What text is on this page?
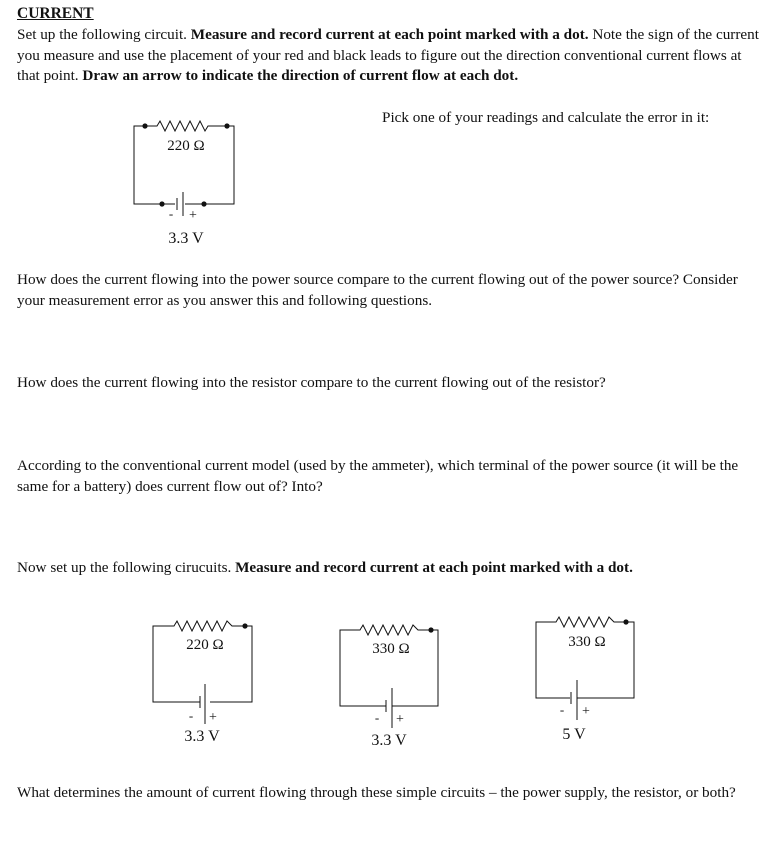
CURRENT
Set up the following circuit. Measure and record current at each point marked with a dot. Note the sign of the current you measure and use the placement of your red and black leads to figure out the direction conventional current flows at that point. Draw an arrow to indicate the direction of current flow at each dot.
Pick one of your readings and calculate the error in it:
220 Ω
- +
3.3 V
How does the current flowing into the power source compare to the current flowing out of the power source? Consider your measurement error as you answer this and following questions.
How does the current flowing into the resistor compare to the current flowing out of the resistor?
According to the conventional current model (used by the ammeter), which terminal of the power source (it will be the same for a battery) does current flow out of? Into?
Now set up the following cirucuits. Measure and record current at each point marked with a dot.
220 Ω
- +
3.3 V
330 Ω
- +
3.3 V
330 Ω
- +
5 V
What determines the amount of current flowing through these simple circuits – the power supply, the resistor, or both?
